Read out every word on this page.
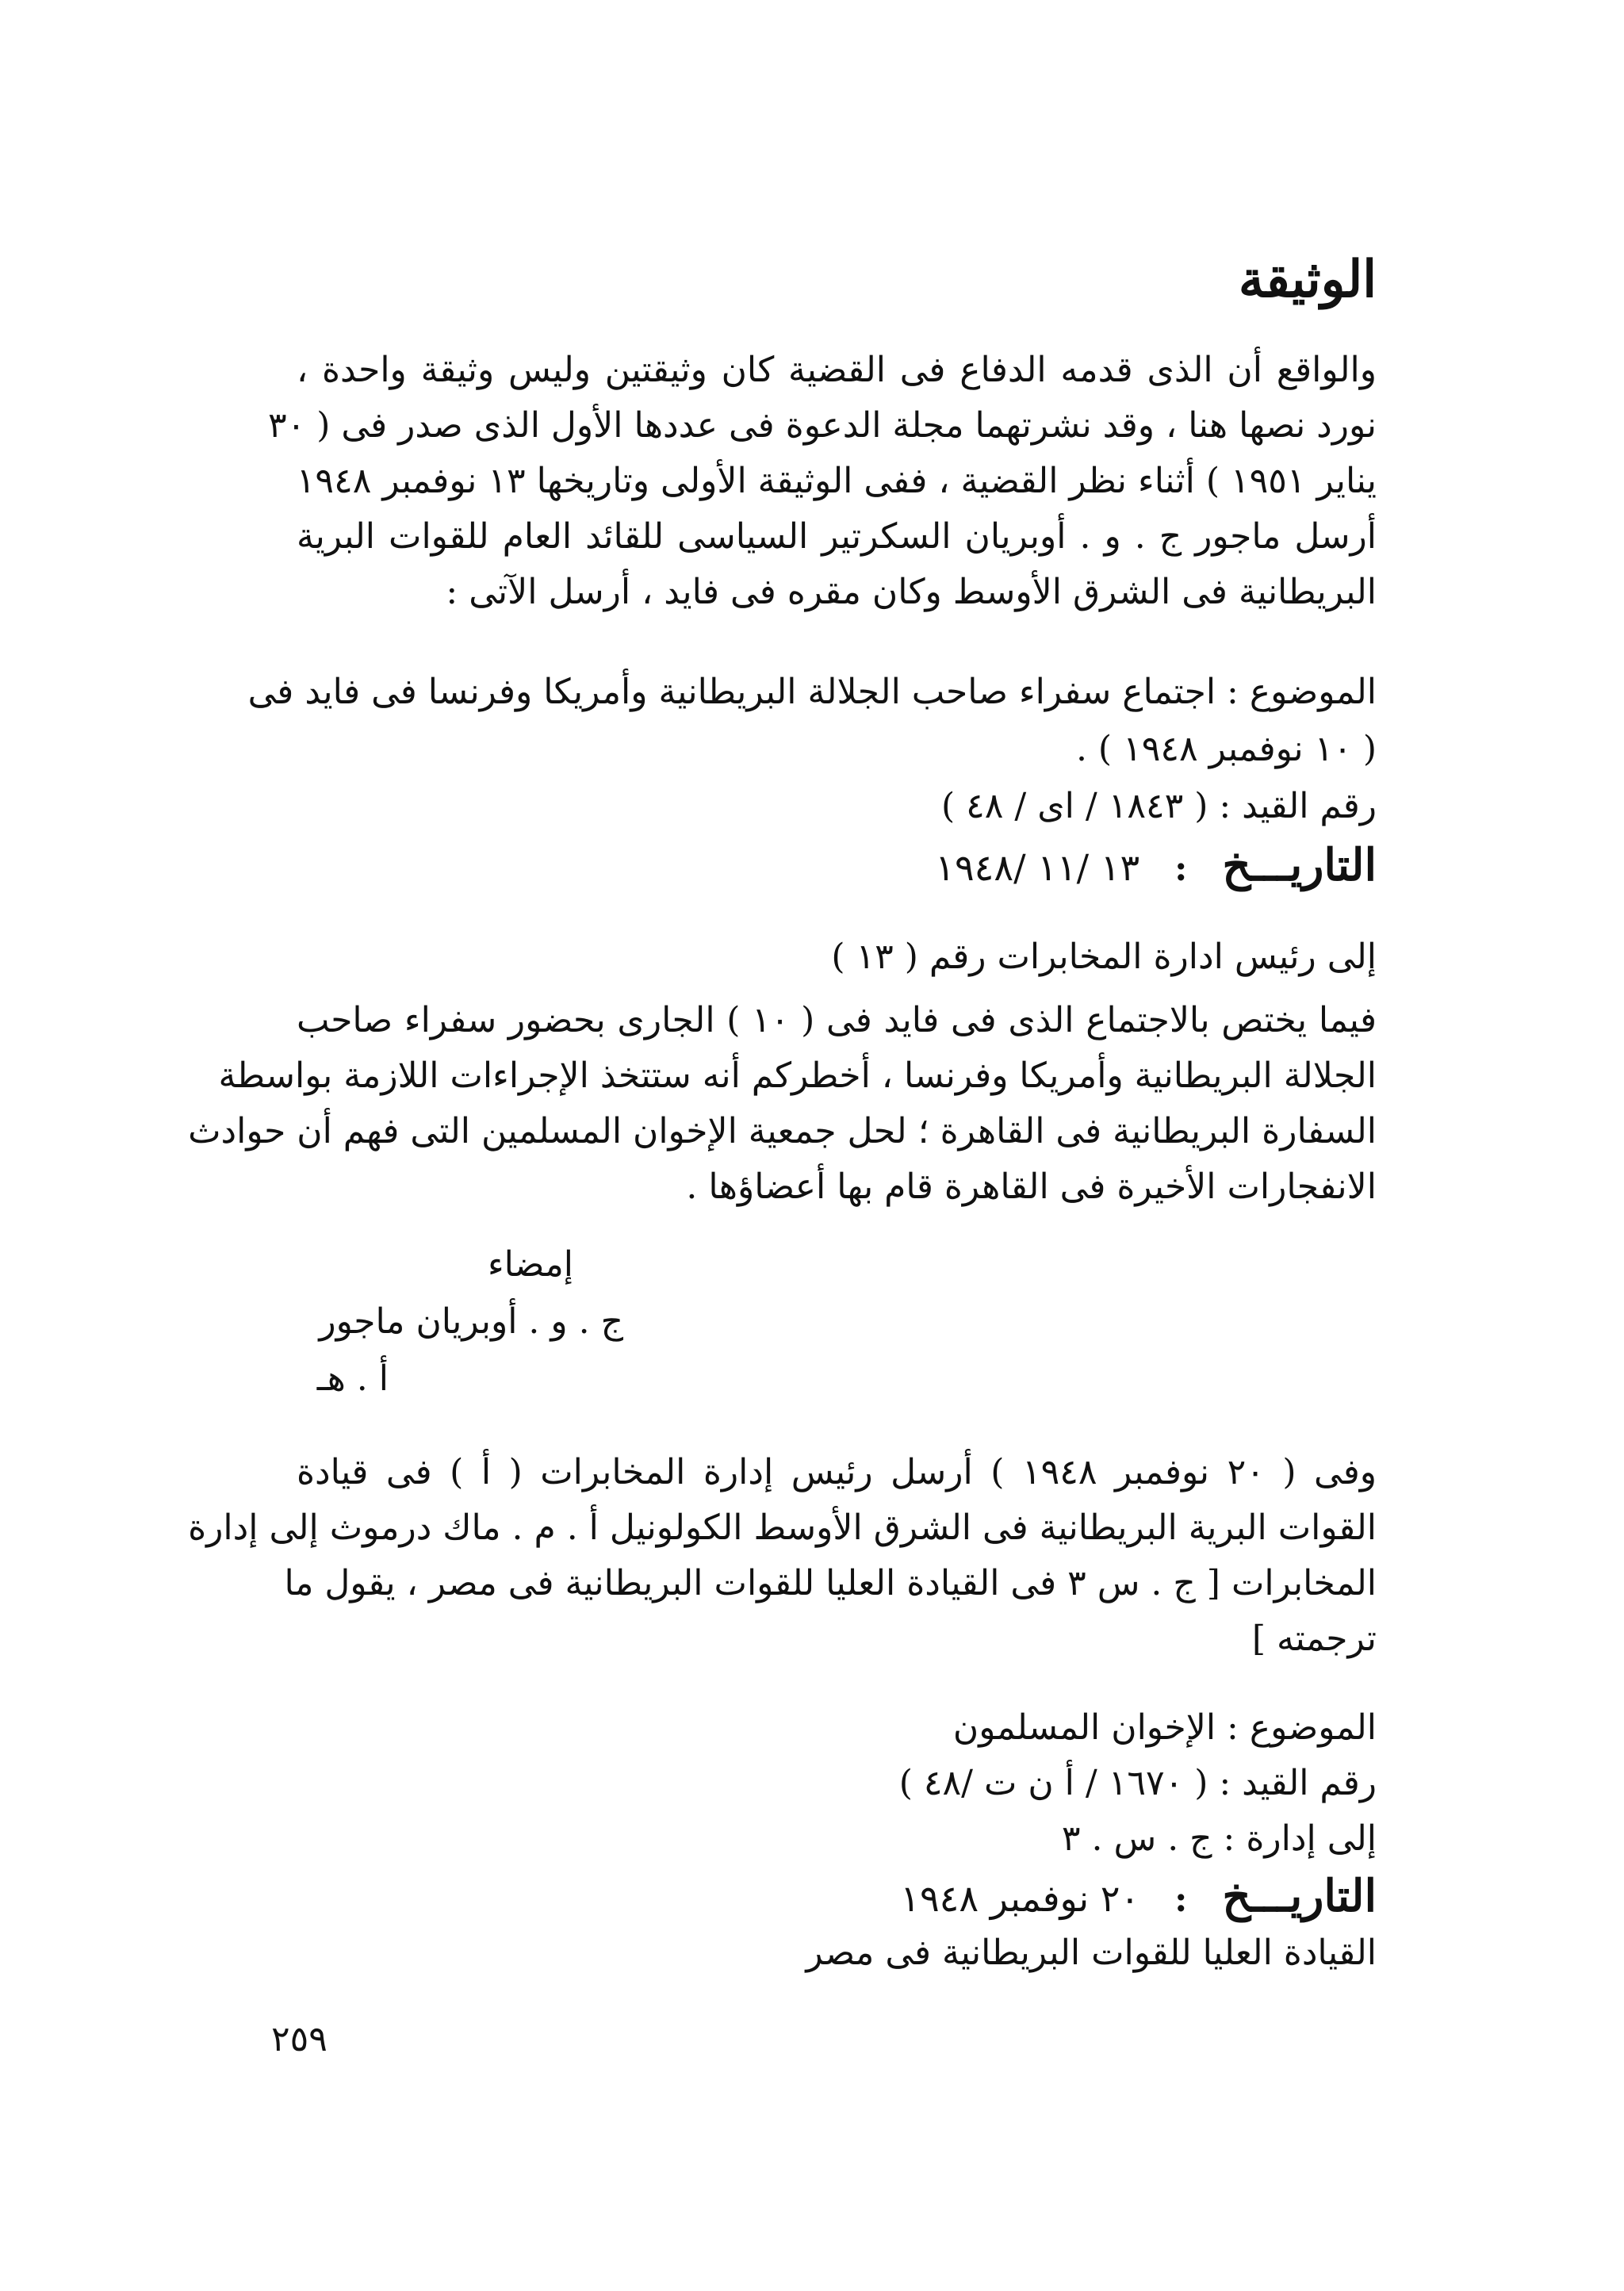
الوثيقة
والواقع أن الذى قدمه الدفاع فى القضية كان وثيقتين وليس وثيقة واحدة ،
نورد نصها هنا ، وقد نشرتهما مجلة الدعوة فى عددها الأول الذى صدر فى ( ٣٠
يناير ١٩٥١ ) أثناء نظر القضية ، ففى الوثيقة الأولى وتاريخها ١٣ نوفمبر ١٩٤٨
أرسل ماجور ج . و . أوبريان السكرتير السياسى للقائد العام للقوات البرية
البريطانية فى الشرق الأوسط وكان مقره فى فايد ، أرسل الآتى :
الموضوع : اجتماع سفراء صاحب الجلالة البريطانية وأمريكا وفرنسا فى فايد فى
( ١٠ نوفمبر ١٩٤٨ ) .
رقم القيد : ( ١٨٤٣ / اى / ٤٨ )
التاريـــخ : ١٣ /١١ /١٩٤٨
إلى رئيس ادارة المخابرات رقم ( ١٣ )
فيما يختص بالاجتماع الذى فى فايد فى ( ١٠ ) الجارى بحضور سفراء صاحب
الجلالة البريطانية وأمريكا وفرنسا ، أخطركم أنه ستتخذ الإجراءات اللازمة بواسطة
السفارة البريطانية فى القاهرة ؛ لحل جمعية الإخوان المسلمين التى فهم أن حوادث
الانفجارات الأخيرة فى القاهرة قام بها أعضاؤها .
إمضاء
ج . و . أوبريان ماجور
أ . هـ
وفى ( ٢٠ نوفمبر ١٩٤٨ ) أرسل رئيس إدارة المخابرات ( أ ) فى قيادة
القوات البرية البريطانية فى الشرق الأوسط الكولونيل أ . م . ماك درموث إلى إدارة
المخابرات [ ج . س ٣ فى القيادة العليا للقوات البريطانية فى مصر ، يقول ما
ترجمته ]
الموضوع : الإخوان المسلمون
رقم القيد : ( ١٦٧٠ / أ ن ت /٤٨ )
إلى إدارة : ج . س . ٣
التاريـــخ : ٢٠ نوفمبر ١٩٤٨
القيادة العليا للقوات البريطانية فى مصر
٢٥٩
